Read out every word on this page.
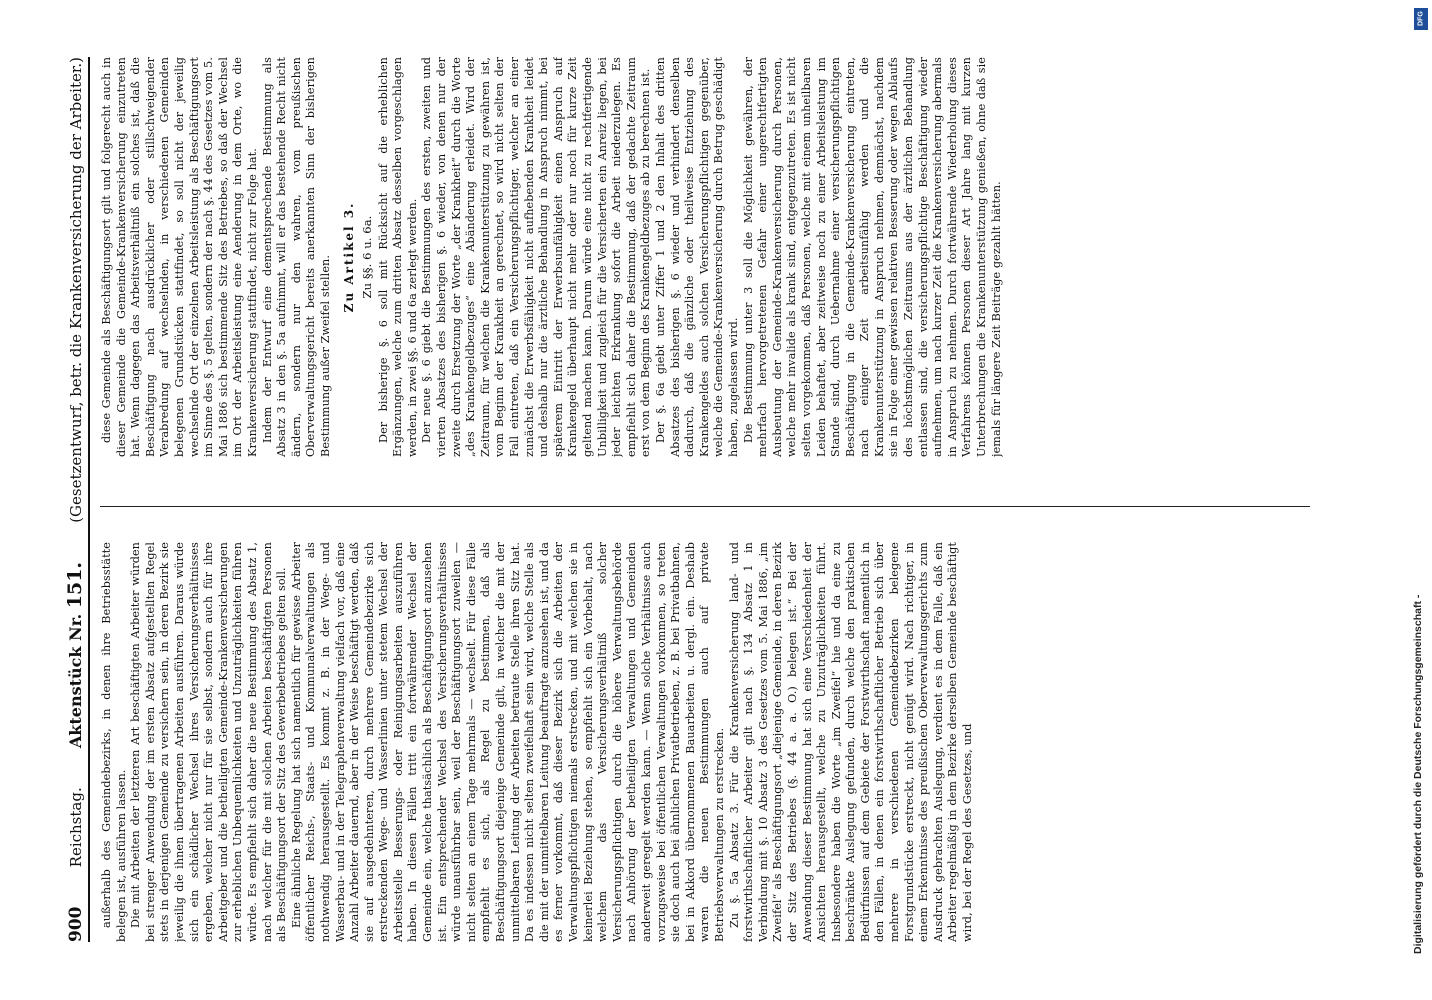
900
Reichstag.
Aktenstück Nr. 151.
(Gesetzentwurf, betr. die Krankenversicherung der Arbeiter.)

außerhalb des Gemeindebezirks, in denen ihre Betriebsstätte belegen ist, ausführen lassen. Die mit Arbeiten der letzteren Art beschäftigten Arbeiter würden bei strenger Anwendung der im ersten Absatz aufgestellten Regel stets in derjenigen Gemeinde zu versichern sein, in deren Bezirk sie jeweilig die ihnen übertragenen Arbeiten ausführen. Daraus würde sich ein schädlicher Wechsel ihres Versicherungsverhältnisses ergeben, welcher nicht nur für sie selbst, sondern auch für ihre Arbeitgeber und die betheiligten Gemeinde-Krankenversicherungen zur erheblichen Unbequemlichkeiten und Unzuträglichkeiten führen würde. Es empfiehlt sich daher die neue Bestimmung des Absatz 1, nach welcher für die mit solchen Arbeiten beschäftigten Personen als Beschäftigungsort der Sitz des Gewerbebetriebes gelten soll. Eine ähnliche Regelung hat sich namentlich für gewisse Arbeiter öffentlicher Reichs-, Staats- und Kommunalverwaltungen als nothwendig herausgestellt. Es kommt z. B. in der Wege- und Wasserbau- und in der Telegraphenverwaltung vielfach vor, daß eine Anzahl Arbeiter dauernd, aber in der Weise beschäftigt werden, daß sie auf ausgedehnteren, durch mehrere Gemeindebezirke sich erstreckenden Wege- und Wasserlinien unter stetem Wechsel der Arbeitsstelle Besserungs- oder Reinigungsarbeiten auszuführen haben. In diesen Fällen tritt ein fortwährender Wechsel der Gemeinde ein, welche thatsächlich als Beschäftigungsort anzusehen ist. Ein entsprechender Wechsel des Versicherungsverhältnisses würde unausführbar sein, weil der Beschäftigungsort zuweilen — nicht selten an einem Tage mehrmals — wechselt. Für diese Fälle empfiehlt es sich, als Regel zu bestimmen, daß als Beschäftigungsort diejenige Gemeinde gilt, in welcher die mit der unmittelbaren Leitung der Arbeiten betraute Stelle ihren Sitz hat. Da es indessen nicht selten zweifelhaft sein wird, welche Stelle als die mit der unmittelbaren Leitung beauftragte anzusehen ist, und da es ferner vorkommt, daß dieser Bezirk sich die Arbeiten der Verwaltungspflichtigen niemals erstrecken, und mit welchen sie in keinerlei Beziehung stehen, so empfiehlt sich ein Vorbehalt, nach welchem das Versicherungsverhältniß solcher Versicherungspflichtigen durch die höhere Verwaltungsbehörde nach Anhörung der betheiligten Verwaltungen und Gemeinden anderweit geregelt werden kann. — Wenn solche Verhältnisse auch vorzugsweise bei öffentlichen Verwaltungen vorkommen, so treten sie doch auch bei ähnlichen Privatbetrieben, z. B. bei Privatbahnen, bei in Akkord übernommenen Bauarbeiten u. dergl. ein. Deshalb waren die neuen Bestimmungen auch auf private Betriebsverwaltungen zu erstrecken. Zu §. 5a Absatz 3. Für die Krankenversicherung land- und forstwirthschaftlicher Arbeiter gilt nach §. 134 Absatz 1 in Verbindung mit §. 10 Absatz 3 des Gesetzes vom 5. Mai 1886, „im Zweifel“ als Beschäftigungsort „diejenige Gemeinde, in deren Bezirk der Sitz des Betriebes (§. 44 a. a. O.) belegen ist.“ Bei der Anwendung dieser Bestimmung hat sich eine Verschiedenheit der Ansichten herausgestellt, welche zu Unzuträglichkeiten führt. Insbesondere haben die Worte „im Zweifel“ hie und da eine zu beschränkte Auslegung gefunden, durch welche den praktischen Bedürfnissen auf dem Gebiete der Forstwirthschaft namentlich in den Fällen, in denen ein forstwirthschaftlicher Betrieb sich über mehrere in verschiedenen Gemeindebezirken belegene Forstgrundstücke erstreckt, nicht genügt wird. Nach richtiger, in einem Erkenntnisse des preußischen Oberverwaltungsgerichts zum Ausdruck gebrachten Auslegung, verdient es in dem Falle, daß ein Arbeiter regelmäßig in dem Bezirke derselben Gemeinde beschäftigt wird, bei der Regel des Gesetzes, und

diese Gemeinde als Beschäftigungsort gilt und folgerecht auch in dieser Gemeinde die Gemeinde-Krankenversicherung einzutreten hat. Wenn dagegen das Arbeitsverhältniß ein solches ist, daß die Beschäftigung nach ausdrücklicher oder stillschweigender Verabredung auf wechselnden, in verschiedenen Gemeinden belegenen Grundstücken stattfindet, so soll nicht der jeweilig wechselnde Ort der einzelnen Arbeitsleistung als Beschäftigungsort im Sinne des §. 5 gelten, sondern der nach §. 44 des Gesetzes vom 5. Mai 1886 sich bestimmende Sitz des Betriebes, so daß der Wechsel im Ort der Arbeitsleistung eine Aenderung in dem Orte, wo die Krankenversicherung stattfindet, nicht zur Folge hat. Indem der Entwurf eine dementsprechende Bestimmung als Absatz 3 in den §. 5a aufnimmt, will er das bestehende Recht nicht ändern, sondern nur den wahren, vom preußischen Oberverwaltungsgericht bereits anerkannten Sinn der bisherigen Bestimmung außer Zweifel stellen. Zu Artikel 3. Zu §§. 6 u. 6a. Der bisherige §. 6 soll mit Rücksicht auf die erheblichen Ergänzungen, welche zum dritten Absatz desselben vorgeschlagen werden, in zwei §§. 6 und 6a zerlegt werden. Der neue §. 6 giebt die Bestimmungen des ersten, zweiten und vierten Absatzes des bisherigen §. 6 wieder, von denen nur der zweite durch Ersetzung der Worte „der Krankheit“ durch die Worte „des Krankengeldbezuges“ eine Abänderung erleidet. Wird der Zeitraum, für welchen die Krankenunterstützung zu gewähren ist, vom Beginn der Krankheit an gerechnet, so wird nicht selten der Fall eintreten, daß ein Versicherungspflichtiger, welcher an einer zunächst die Erwerbsfähigkeit nicht aufhebenden Krankheit leidet und deshalb nur die ärztliche Behandlung in Anspruch nimmt, bei späterem Eintritt der Erwerbsunfähigkeit einen Anspruch auf Krankengeld überhaupt nicht mehr oder nur noch für kurze Zeit geltend machen kann. Darum würde eine nicht zu rechtfertigende Unbilligkeit und zugleich für die Versicherten ein Anreiz liegen, bei jeder leichten Erkrankung sofort die Arbeit niederzulegen. Es empfiehlt sich daher die Bestimmung, daß der gedachte Zeitraum erst von dem Beginn des Krankengeldbezuges ab zu berechnen ist. Der §. 6a giebt unter Ziffer 1 und 2 den Inhalt des dritten Absatzes des bisherigen §. 6 wieder und verhindert denselben dadurch, daß die gänzliche oder theilweise Entziehung des Krankengeldes auch solchen Versicherungspflichtigen gegenüber, welche die Gemeinde-Krankenversicherung durch Betrug geschädigt haben, zugelassen wird. Die Bestimmung unter 3 soll die Möglichkeit gewähren, der mehrfach hervorgetretenen Gefahr einer ungerechtfertigten Ausbeutung der Gemeinde-Krankenversicherung durch Personen, welche mehr invalide als krank sind, entgegenzutreten. Es ist nicht selten vorgekommen, daß Personen, welche mit einem unheilbaren Leiden behaftet, aber zeitweise noch zu einer Arbeitsleistung im Stande sind, durch Uebernahme einer versicherungspflichtigen Beschäftigung in die Gemeinde-Krankenversicherung eintreten, nach einiger Zeit arbeitsunfähig werden und die Krankenunterstützung in Anspruch nehmen, demnächst, nachdem sie in Folge einer gewissen relativen Besserung oder wegen Ablaufs des höchstmöglichen Zeitraums aus der ärztlichen Behandlung entlassen sind, die versicherungspflichtige Beschäftigung wieder aufnehmen, um nach kurzer Zeit die Krankenversicherung abermals in Anspruch zu nehmen. Durch fortwährende Wiederholung dieses Verfahrens können Personen dieser Art Jahre lang mit kurzen Unterbrechungen die Krankenunterstützung genießen, ohne daß sie jemals für längere Zeit Beiträge gezahlt hätten.

Digitalisierung gefördert durch die Deutsche Forschungsgemeinschaft -
DFG
